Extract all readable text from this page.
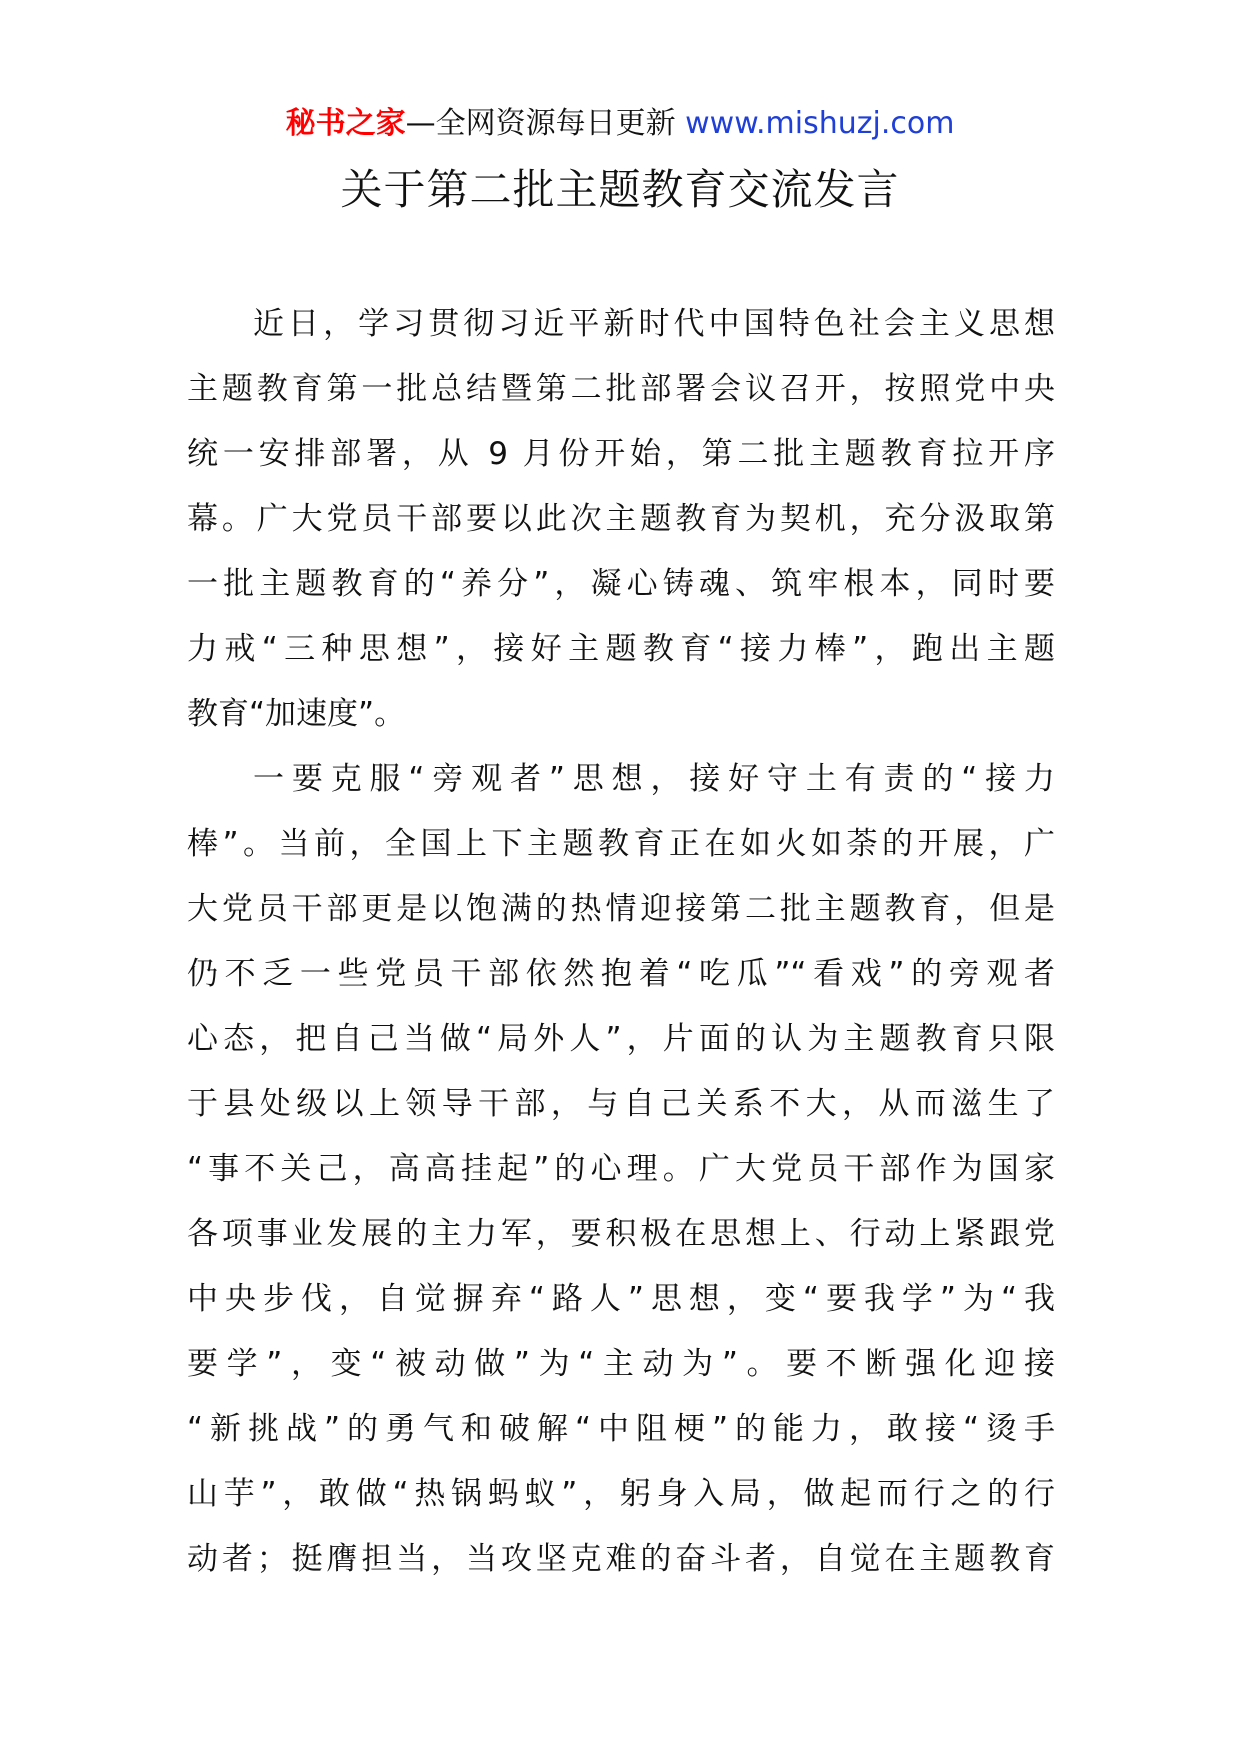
秘书之家—全网资源每日更新 www.mishuzj.com
关于第二批主题教育交流发言
近日，学习贯彻习近平新时代中国特色社会主义思想
主题教育第一批总结暨第二批部署会议召开，按照党中央
统一安排部署，从 9 月份开始，第二批主题教育拉开序
幕。广大党员干部要以此次主题教育为契机，充分汲取第
一批主题教育的“养分”，凝心铸魂、筑牢根本，同时要
力戒“三种思想”，接好主题教育“接力棒”，跑出主题
教育“加速度”。
一要克服“旁观者”思想，接好守土有责的“接力
棒”。当前，全国上下主题教育正在如火如荼的开展，广
大党员干部更是以饱满的热情迎接第二批主题教育，但是
仍不乏一些党员干部依然抱着“吃瓜”“看戏”的旁观者
心态，把自己当做“局外人”，片面的认为主题教育只限
于县处级以上领导干部，与自己关系不大，从而滋生了
“事不关己，高高挂起”的心理。广大党员干部作为国家
各项事业发展的主力军，要积极在思想上、行动上紧跟党
中央步伐，自觉摒弃“路人”思想，变“要我学”为“我
要学”，变“被动做”为“主动为”。要不断强化迎接
“新挑战”的勇气和破解“中阻梗”的能力，敢接“烫手
山芋”，敢做“热锅蚂蚁”，躬身入局，做起而行之的行
动者；挺膺担当，当攻坚克难的奋斗者，自觉在主题教育
